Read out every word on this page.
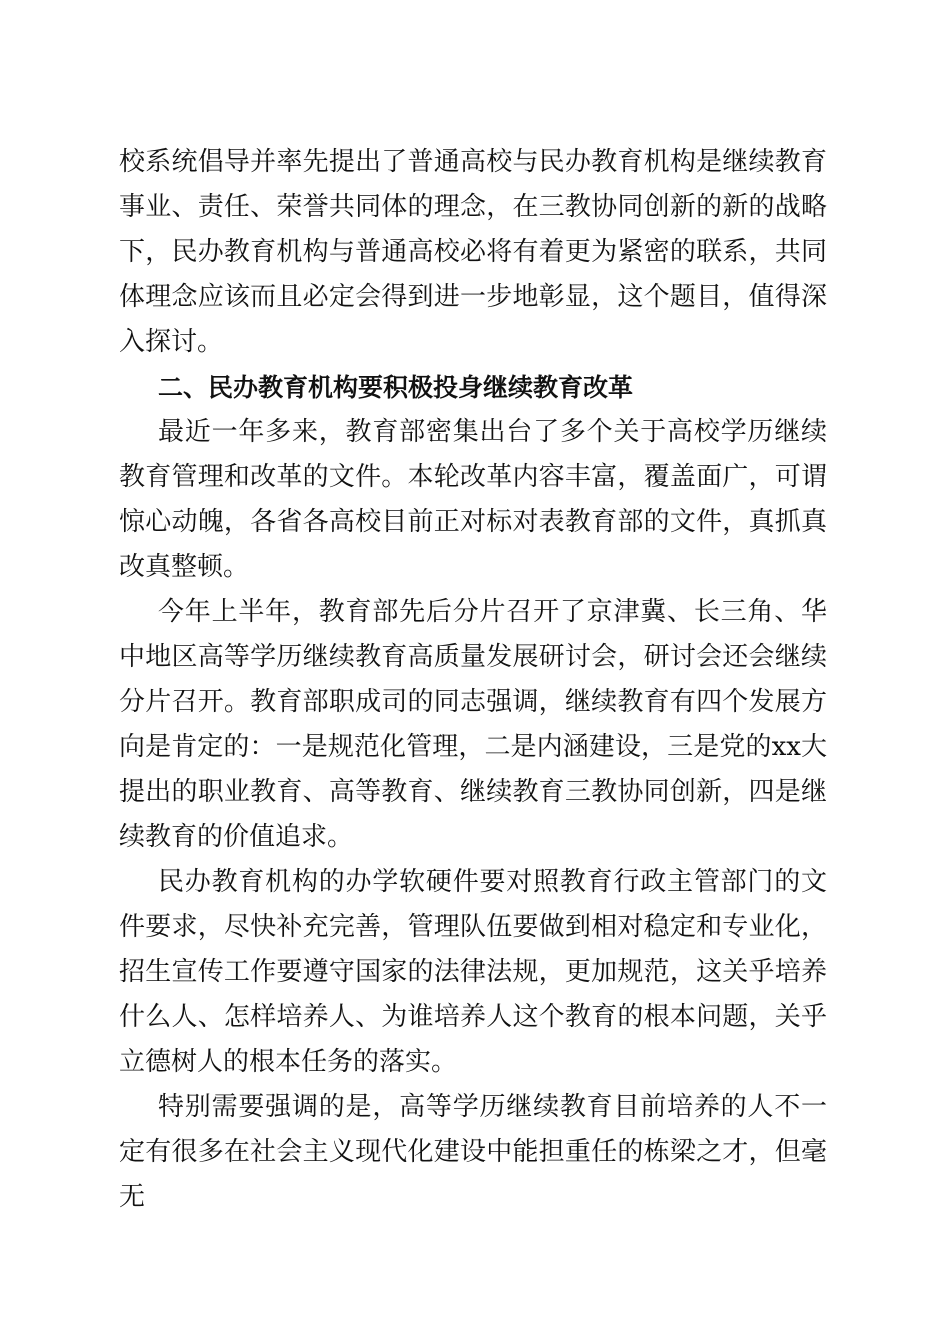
校系统倡导并率先提出了普通高校与民办教育机构是继续教育事业、责任、荣誉共同体的理念，在三教协同创新的新的战略下，民办教育机构与普通高校必将有着更为紧密的联系，共同体理念应该而且必定会得到进一步地彰显，这个题目，值得深入探讨。

二、民办教育机构要积极投身继续教育改革

最近一年多来，教育部密集出台了多个关于高校学历继续教育管理和改革的文件。本轮改革内容丰富，覆盖面广，可谓惊心动魄，各省各高校目前正对标对表教育部的文件，真抓真改真整顿。

今年上半年，教育部先后分片召开了京津冀、长三角、华中地区高等学历继续教育高质量发展研讨会，研讨会还会继续分片召开。教育部职成司的同志强调，继续教育有四个发展方向是肯定的：一是规范化管理，二是内涵建设，三是党的xx大提出的职业教育、高等教育、继续教育三教协同创新，四是继续教育的价值追求。

民办教育机构的办学软硬件要对照教育行政主管部门的文件要求，尽快补充完善，管理队伍要做到相对稳定和专业化，招生宣传工作要遵守国家的法律法规，更加规范，这关乎培养什么人、怎样培养人、为谁培养人这个教育的根本问题，关乎立德树人的根本任务的落实。

特别需要强调的是，高等学历继续教育目前培养的人不一定有很多在社会主义现代化建设中能担重任的栋梁之才，但毫无
